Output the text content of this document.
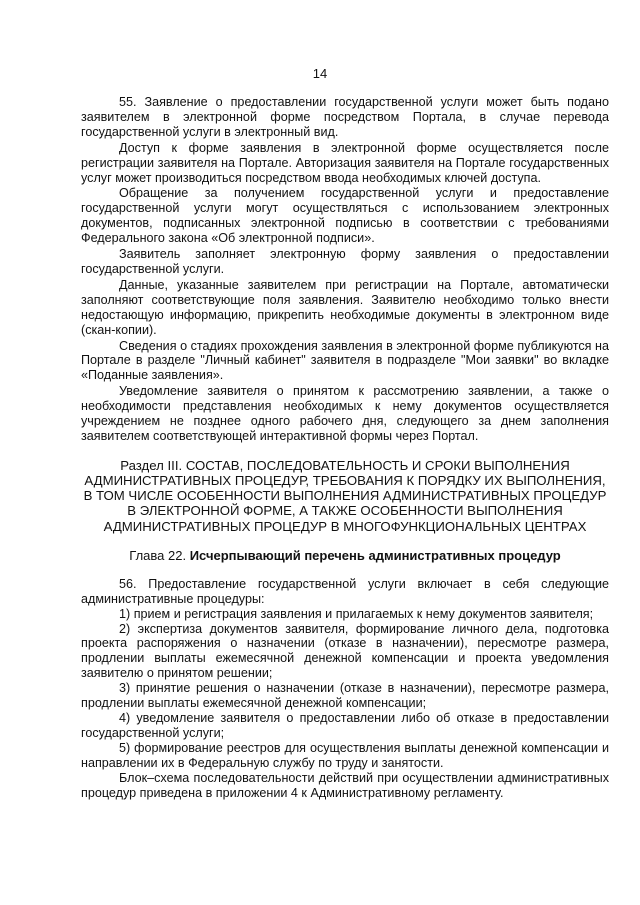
14

55. Заявление о предоставлении государственной услуги может быть подано заявителем в электронной форме посредством Портала, в случае перевода государственной услуги в электронный вид.

Доступ к форме заявления в электронной форме осуществляется после регистрации заявителя на Портале. Авторизация заявителя на Портале государственных услуг может производиться посредством ввода необходимых ключей доступа.

Обращение за получением государственной услуги и предоставление государственной услуги могут осуществляться с использованием электронных документов, подписанных электронной подписью в соответствии с требованиями Федерального закона «Об электронной подписи».

Заявитель заполняет электронную форму заявления о предоставлении государственной услуги.

Данные, указанные заявителем при регистрации на Портале, автоматически заполняют соответствующие поля заявления. Заявителю необходимо только внести недостающую информацию, прикрепить необходимые документы в электронном виде (скан-копии).

Сведения о стадиях прохождения заявления в электронной форме публикуются на Портале в разделе "Личный кабинет" заявителя в подразделе "Мои заявки" во вкладке «Поданные заявления».

Уведомление заявителя о принятом к рассмотрению заявлении, а также о необходимости представления необходимых к нему документов осуществляется учреждением не позднее одного рабочего дня, следующего за днем заполнения заявителем соответствующей интерактивной формы через Портал.

Раздел III. СОСТАВ, ПОСЛЕДОВАТЕЛЬНОСТЬ И СРОКИ ВЫПОЛНЕНИЯ АДМИНИСТРАТИВНЫХ ПРОЦЕДУР, ТРЕБОВАНИЯ К ПОРЯДКУ ИХ ВЫПОЛНЕНИЯ, В ТОМ ЧИСЛЕ ОСОБЕННОСТИ ВЫПОЛНЕНИЯ АДМИНИСТРАТИВНЫХ ПРОЦЕДУР В ЭЛЕКТРОННОЙ ФОРМЕ, А ТАКЖЕ ОСОБЕННОСТИ ВЫПОЛНЕНИЯ АДМИНИСТРАТИВНЫХ ПРОЦЕДУР В МНОГОФУНКЦИОНАЛЬНЫХ ЦЕНТРАХ
Глава 22. Исчерпывающий перечень административных процедур

56. Предоставление государственной услуги включает в себя следующие административные процедуры:

1) прием и регистрация заявления и прилагаемых к нему документов заявителя;

2) экспертиза документов заявителя, формирование личного дела, подготовка проекта распоряжения о назначении (отказе в назначении), пересмотре размера, продлении выплаты ежемесячной денежной компенсации и проекта уведомления заявителю о принятом решении;

3) принятие решения о назначении (отказе в назначении), пересмотре размера, продлении выплаты ежемесячной денежной компенсации;

4) уведомление заявителя о предоставлении либо об отказе в предоставлении государственной услуги;

5) формирование реестров для осуществления выплаты денежной компенсации и направлении их в Федеральную службу по труду и занятости.

Блок–схема последовательности действий при осуществлении административных процедур приведена в приложении 4 к Административному регламенту.
